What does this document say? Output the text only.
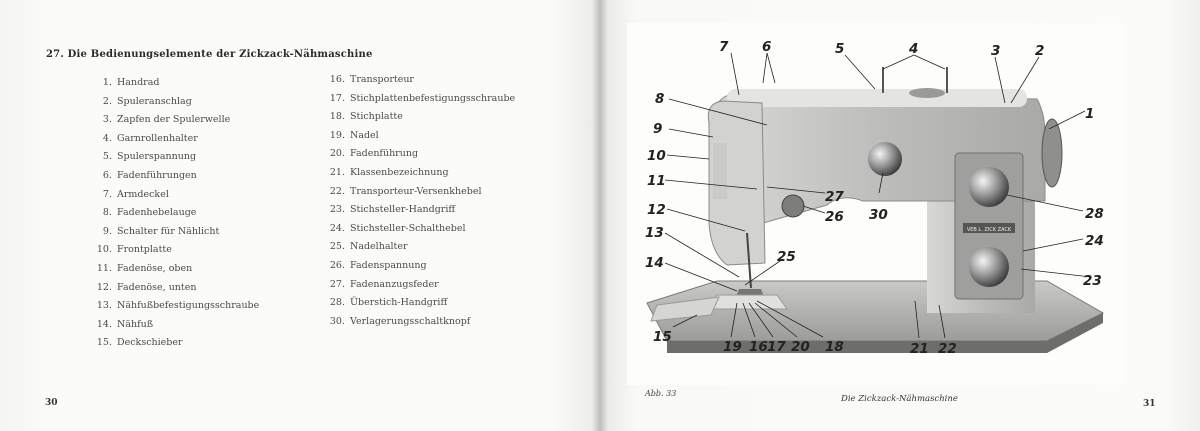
27. Die Bedienungselemente der Zickzack-Nähmaschine
1. Handrad
2. Spuleranschlag
3. Zapfen der Spulerwelle
4. Garnrollenhalter
5. Spulerspannung
6. Fadenführungen
7. Armdeckel
8. Fadenhebelauge
9. Schalter für Nählicht
10. Frontplatte
11. Fadenöse, oben
12. Fadenöse, unten
13. Nähfußbefestigungsschraube
14. Nähfuß
15. Deckschieber
16. Transporteur
17. Stichplattenbefestigungsschraube
18. Stichplatte
19. Nadel
20. Fadenführung
21. Klassenbezeichnung
22. Transporteur-Versenkhebel
23. Stichsteller-Handgriff
24. Stichsteller-Schalthebel
25. Nadelhalter
26. Fadenspannung
27. Fadenanzugsfeder
28. Überstich-Handgriff
30. Verlagerungsschaltknopf
30
VEB L. ZICK ZACK
1
2
3
4
5
6
7
8
9
10
11
12
13
14
15
16 17	18
19	20	21 22
23
24
25
26
27
28
30
Abb. 33
Die Zickzack-Nähmaschine	31
